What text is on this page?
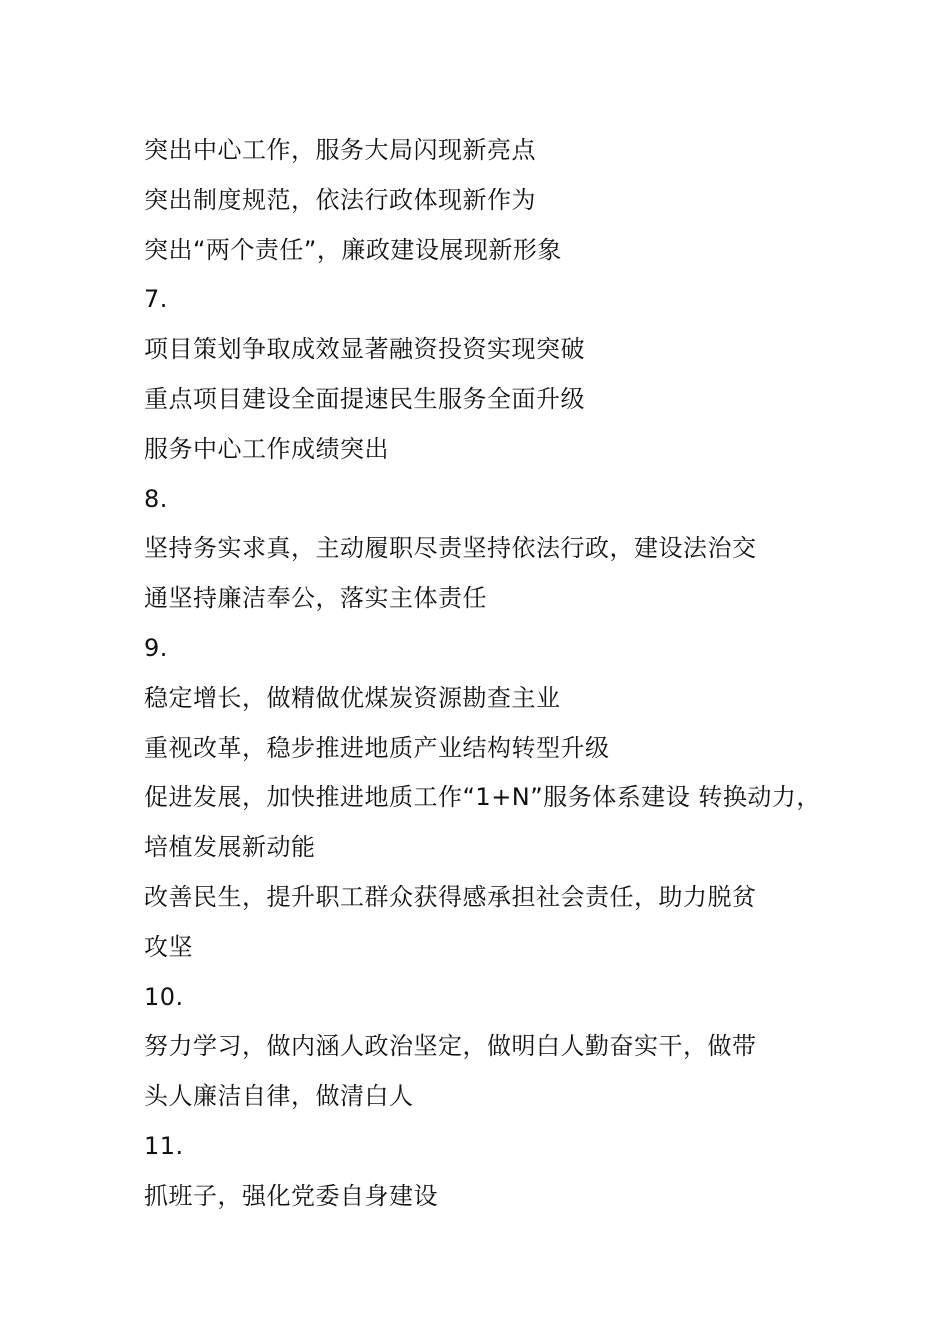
突出中心工作，服务大局闪现新亮点
突出制度规范，依法行政体现新作为
突出“两个责任”，廉政建设展现新形象
7.
项目策划争取成效显著融资投资实现突破
重点项目建设全面提速民生服务全面升级
服务中心工作成绩突出
8.
坚持务实求真，主动履职尽责坚持依法行政，建设法治交
通坚持廉洁奉公，落实主体责任
9.
稳定增长，做精做优煤炭资源勘查主业
重视改革，稳步推进地质产业结构转型升级
促进发展，加快推进地质工作“1+N”服务体系建设 转换动力，
培植发展新动能
改善民生，提升职工群众获得感承担社会责任，助力脱贫
攻坚
10.
努力学习，做内涵人政治坚定，做明白人勤奋实干，做带
头人廉洁自律，做清白人
11.
抓班子，强化党委自身建设
